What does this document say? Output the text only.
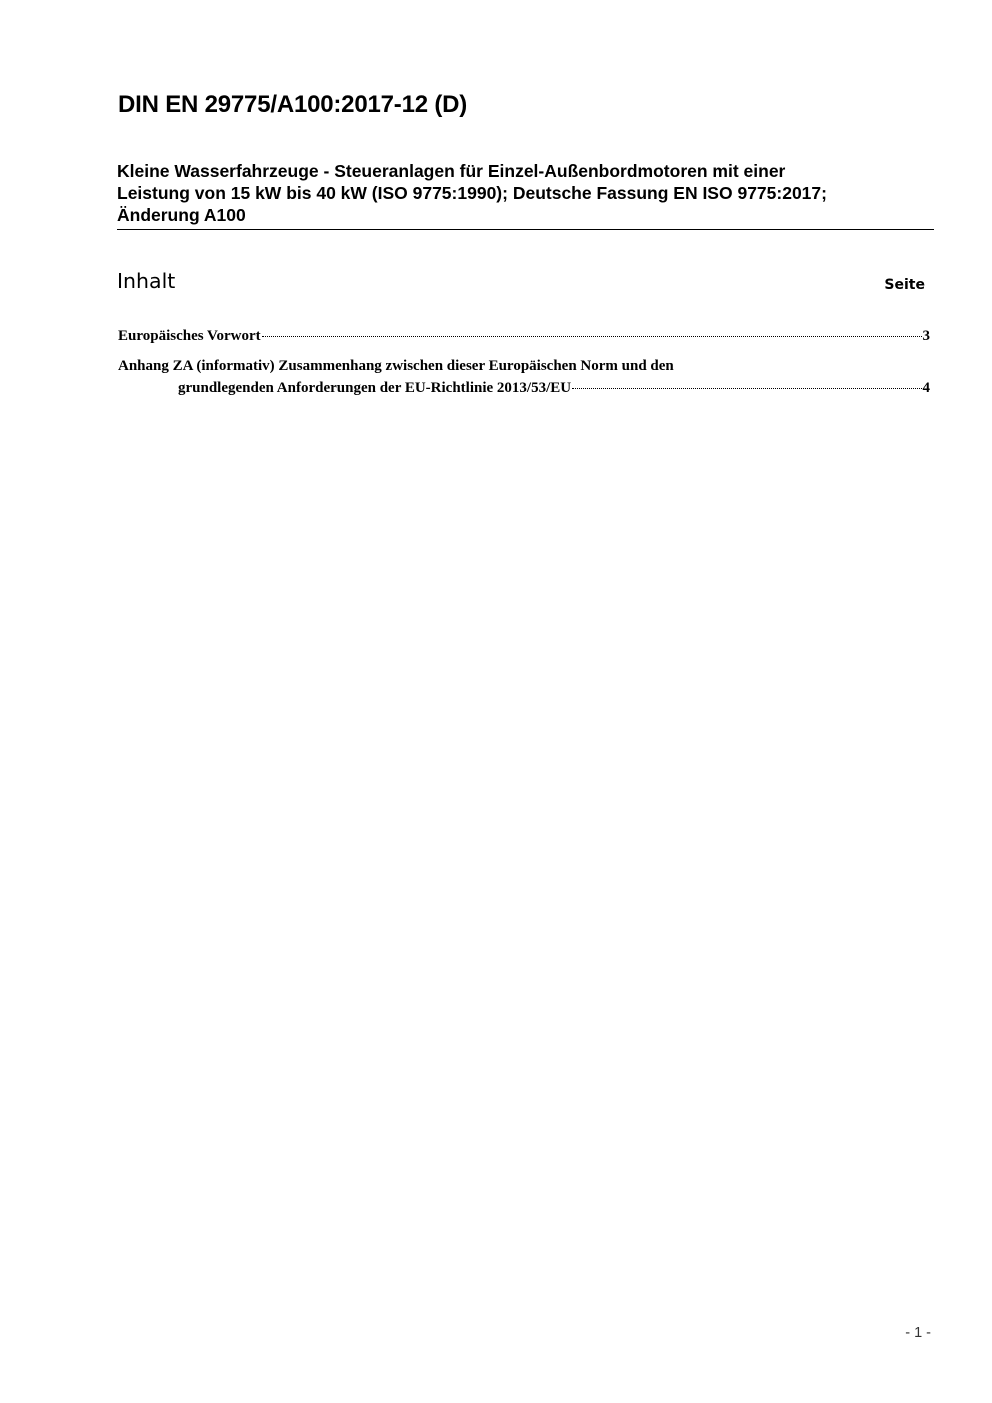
DIN EN 29775/A100:2017-12 (D)
Kleine Wasserfahrzeuge - Steueranlagen für Einzel-Außenbordmotoren mit einer
Leistung von 15 kW bis 40 kW (ISO 9775:1990); Deutsche Fassung EN ISO 9775:2017;
Änderung A100
Inhalt	Seite
Europäisches Vorwort	3
Anhang ZA (informativ) Zusammenhang zwischen dieser Europäischen Norm und den
grundlegenden Anforderungen der EU-Richtlinie 2013/53/EU	4
- 1 -
